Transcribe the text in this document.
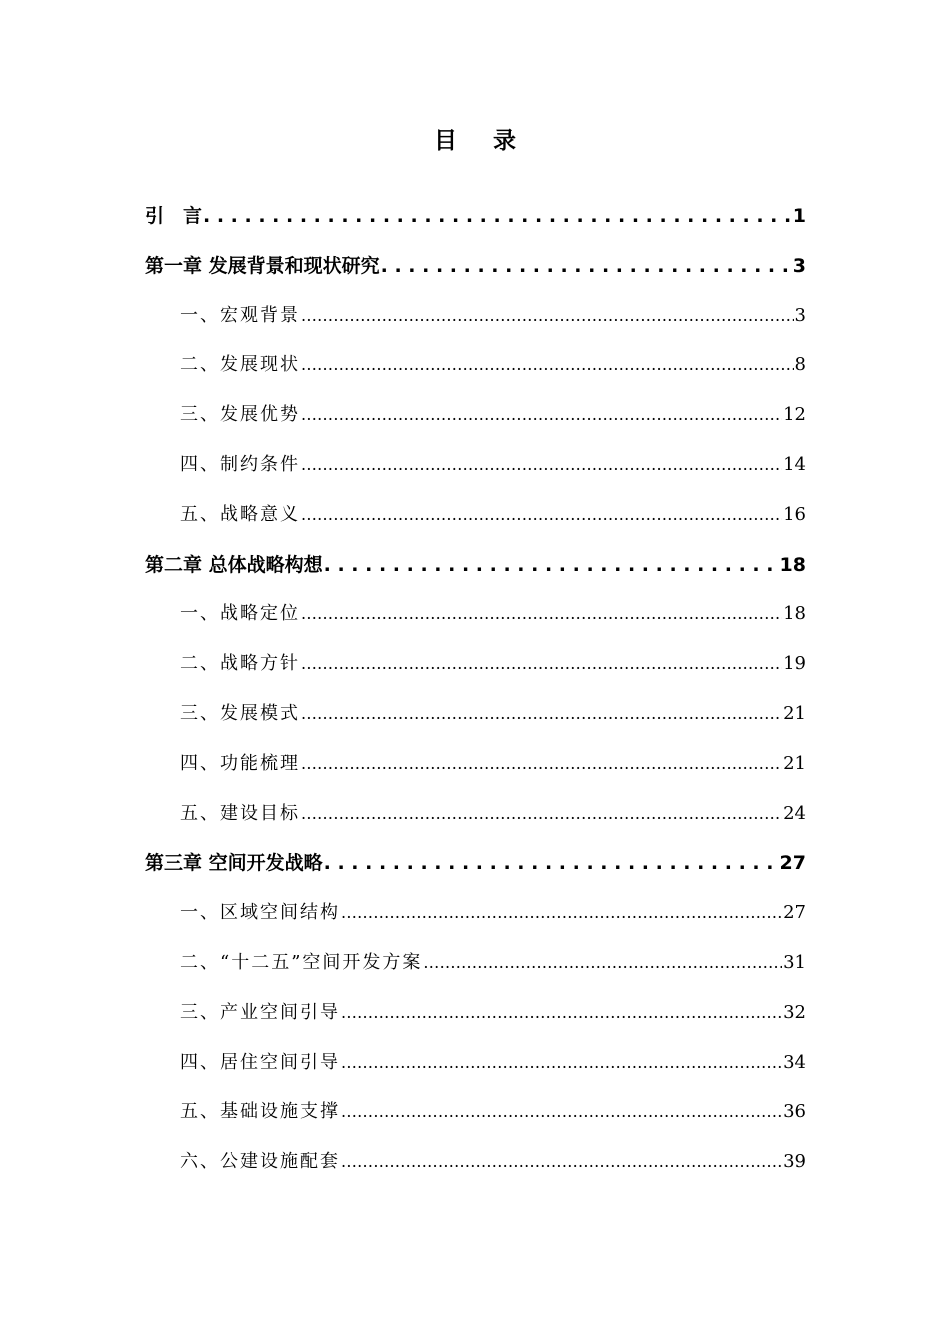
目 录
引　言 . . .	1
第一章 发展背景和现状研究 . . .	3
一、宏观背景 .....	3
二、发展现状 .....	8
三、发展优势 .....	12
四、制约条件 .....	14
五、战略意义 .....	16
第二章 总体战略构想 . . .	18
一、战略定位 .....	18
二、战略方针 .....	19
三、发展模式 .....	21
四、功能梳理 .....	21
五、建设目标 .....	24
第三章 空间开发战略 . . .	27
一、区域空间结构 .....	27
二、“十二五”空间开发方案 .....	31
三、产业空间引导 .....	32
四、居住空间引导 .....	34
五、基础设施支撑 .....	36
六、公建设施配套 .....	39
